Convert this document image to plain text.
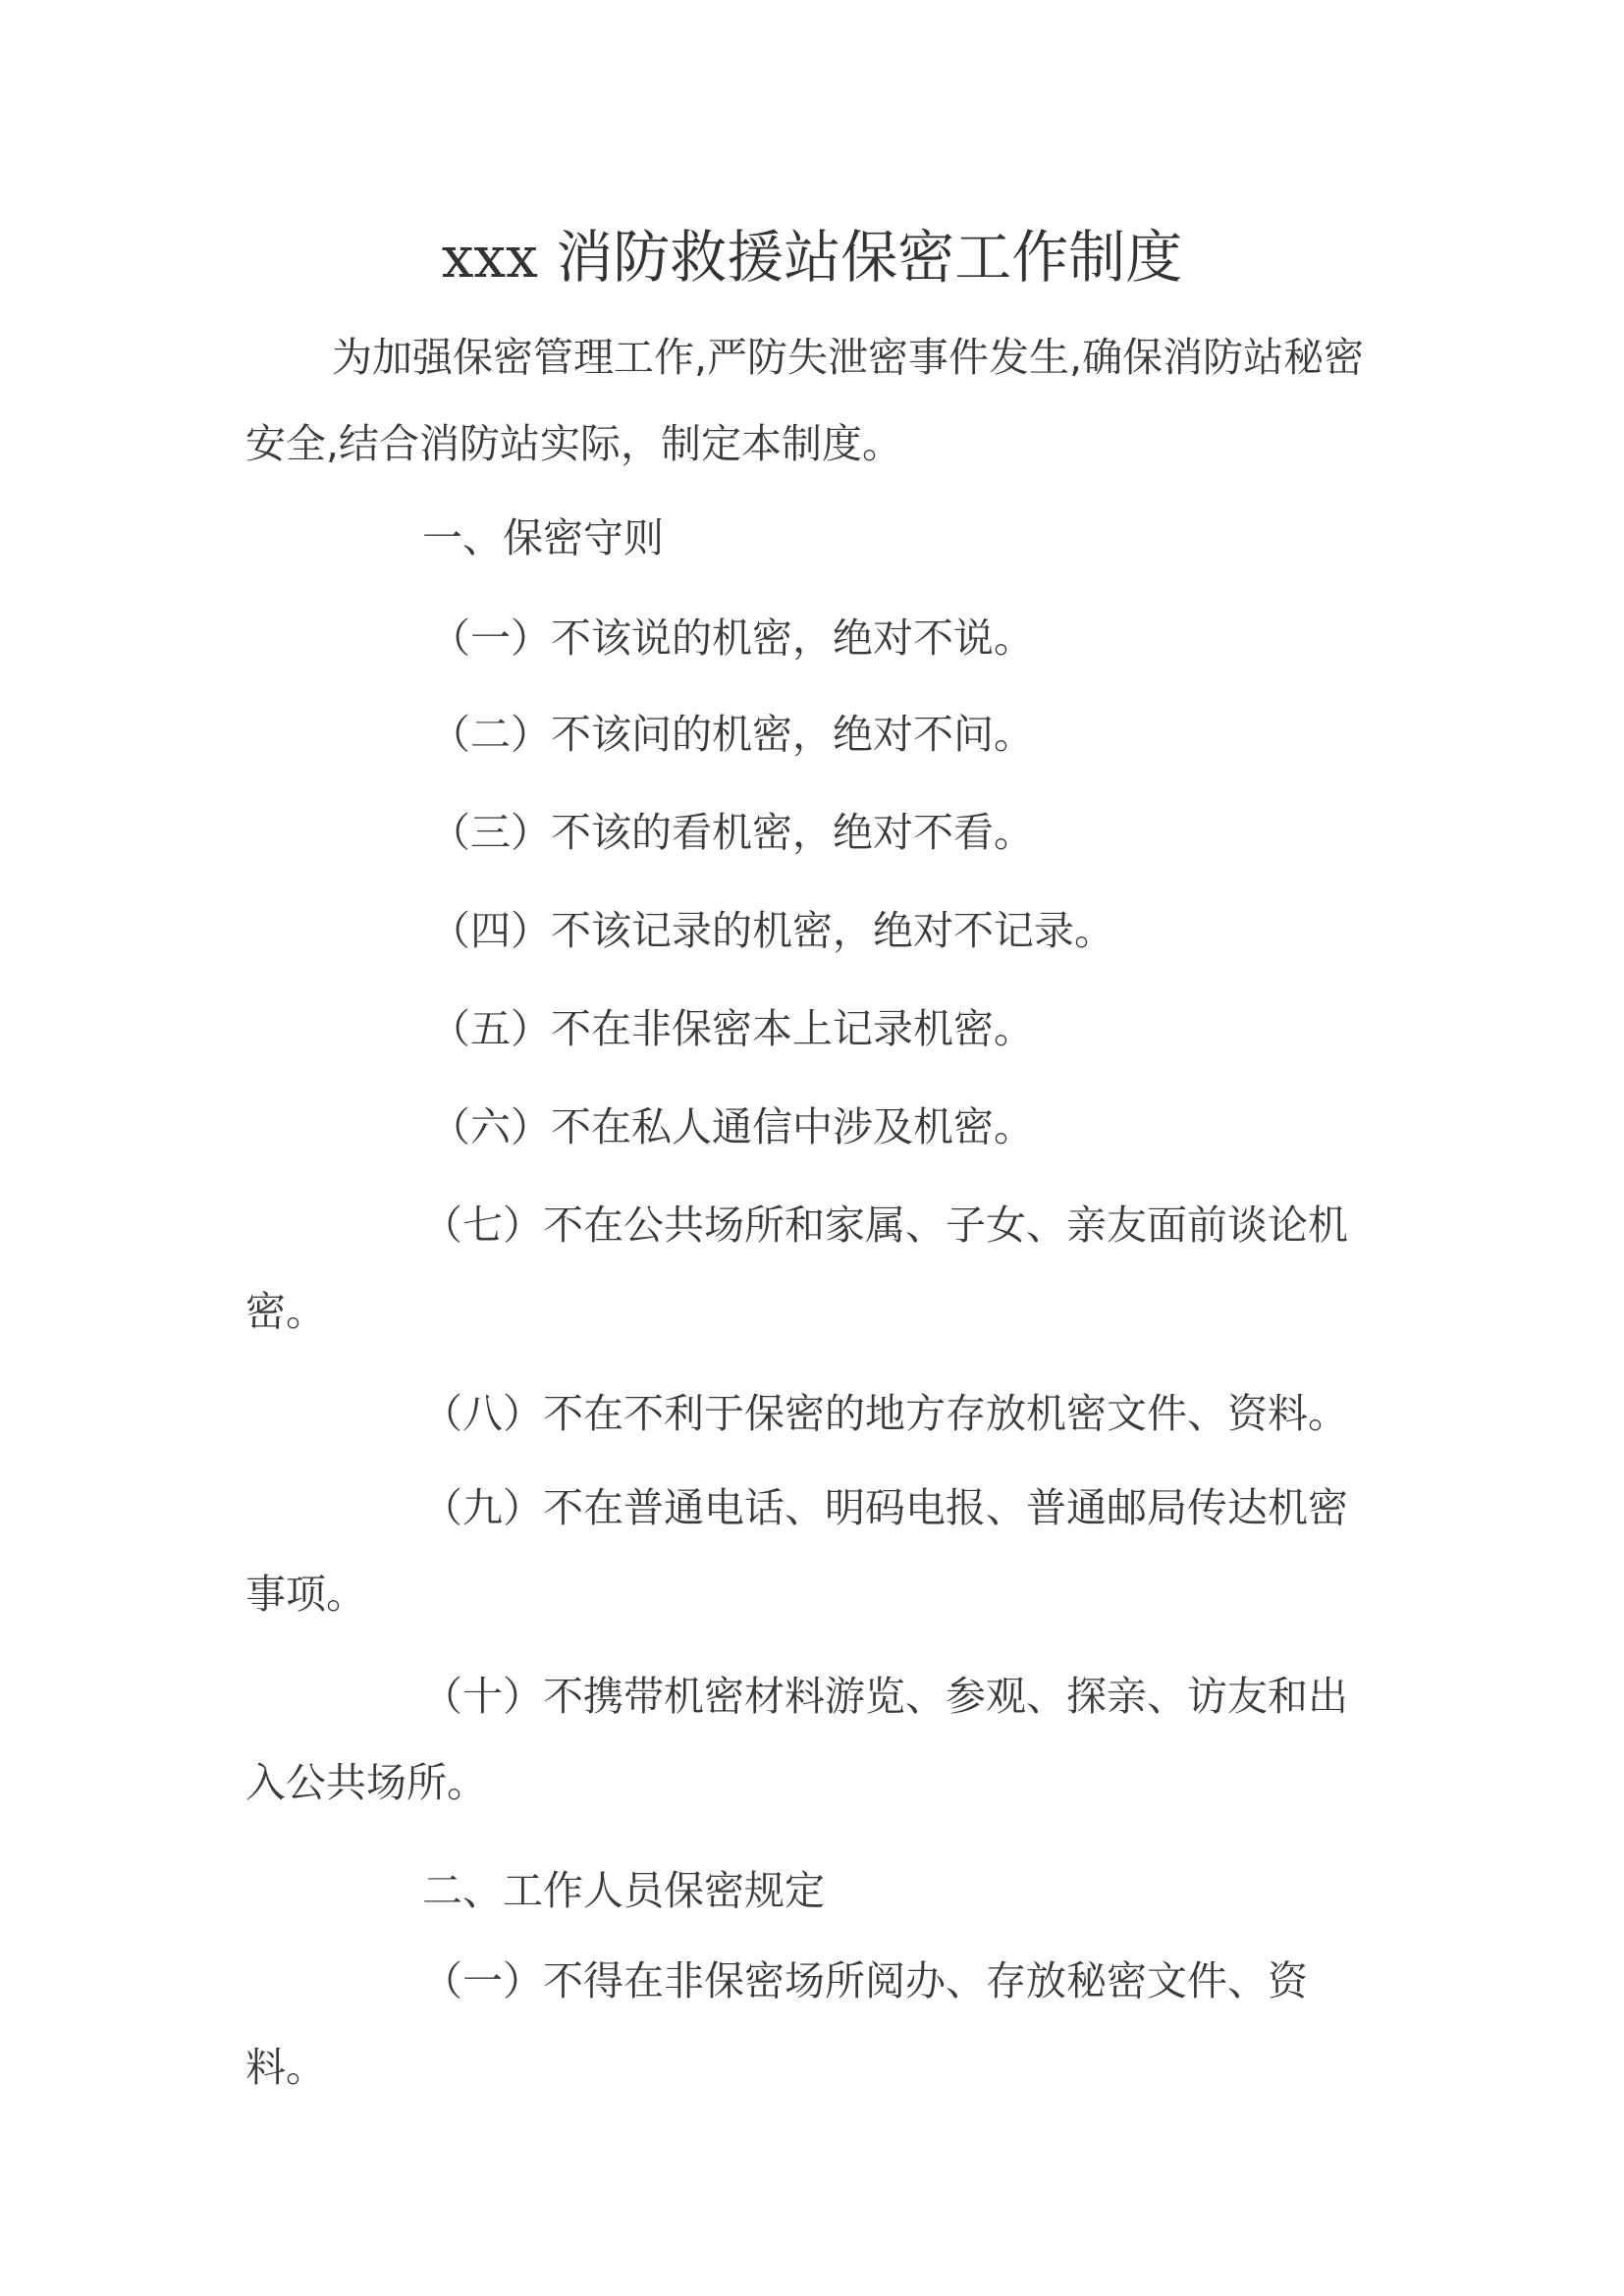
xxx 消防救援站保密工作制度

为加强保密管理工作,严防失泄密事件发生,确保消防站秘密安全,结合消防站实际，制定本制度。

一、保密守则
（一）不该说的机密，绝对不说。
（二）不该问的机密，绝对不问。
（三）不该的看机密，绝对不看。
（四）不该记录的机密，绝对不记录。
（五）不在非保密本上记录机密。
（六）不在私人通信中涉及机密。

（七）不在公共场所和家属、子女、亲友面前谈论机密。

（八）不在不利于保密的地方存放机密文件、资料。

（九）不在普通电话、明码电报、普通邮局传达机密事项。

（十）不携带机密材料游览、参观、探亲、访友和出入公共场所。

二、工作人员保密规定

（一）不得在非保密场所阅办、存放秘密文件、资料。
